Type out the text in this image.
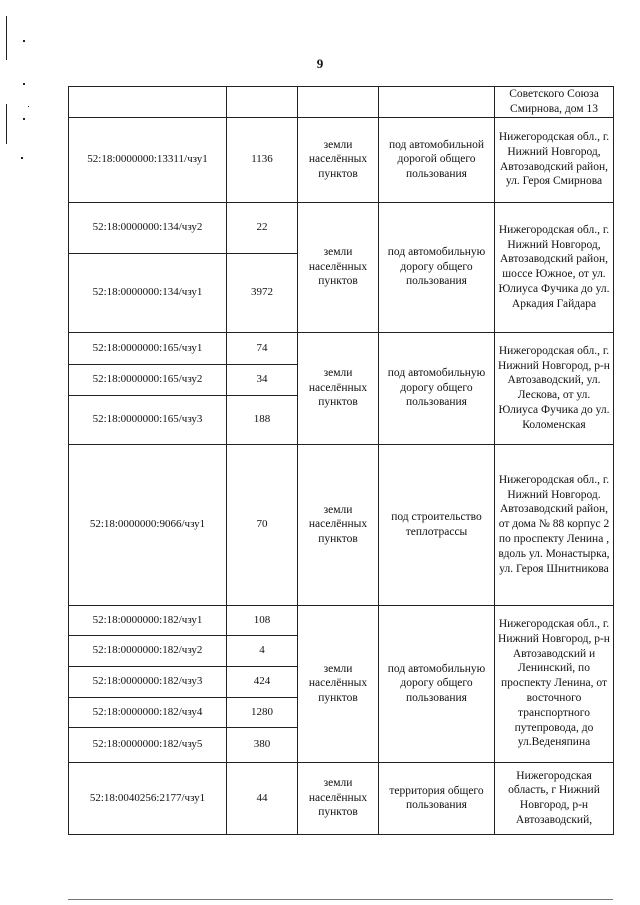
9
				Советского Союза Смирнова, дом 13
52:18:0000000:13311/чзу1	1136	земли населённых пунктов	под автомобильной дорогой общего пользования	Нижегородская обл., г. Нижний Новгород, Автозаводский район, ул. Героя Смирнова
52:18:0000000:134/чзу2	22	земли населённых пунктов	под автомобильную дорогу общего пользования	Нижегородская обл., г. Нижний Новгород, Автозаводский район, шоссе Южное, от ул. Юлиуса Фучика до ул. Аркадия Гайдара
52:18:0000000:134/чзу1	3972			
52:18:0000000:165/чзу1	74	земли населённых пунктов	под автомобильную дорогу общего пользования	Нижегородская обл., г. Нижний Новгород, р-н Автозаводский, ул. Лескова, от ул. Юлиуса Фучика до ул. Коломенская
52:18:0000000:165/чзу2	34			
52:18:0000000:165/чзу3	188			
52:18:0000000:9066/чзу1	70	земли населённых пунктов	под строительство теплотрассы	Нижегородская обл., г. Нижний Новгород. Автозаводский район, от дома № 88 корпус 2 по проспекту Ленина , вдоль ул. Монастырка, ул. Героя Шнитникова
52:18:0000000:182/чзу1	108	земли населённых пунктов	под автомобильную дорогу общего пользования	Нижегородская обл., г. Нижний Новгород, р-н Автозаводский и Ленинский, по проспекту Ленина, от восточного транспортного путепровода, до ул.Веденяпина
52:18:0000000:182/чзу2	4			
52:18:0000000:182/чзу3	424			
52:18:0000000:182/чзу4	1280			
52:18:0000000:182/чзу5	380			
52:18:0040256:2177/чзу1	44	земли населённых пунктов	территория общего пользования	Нижегородская область, г Нижний Новгород, р-н Автозаводский,
